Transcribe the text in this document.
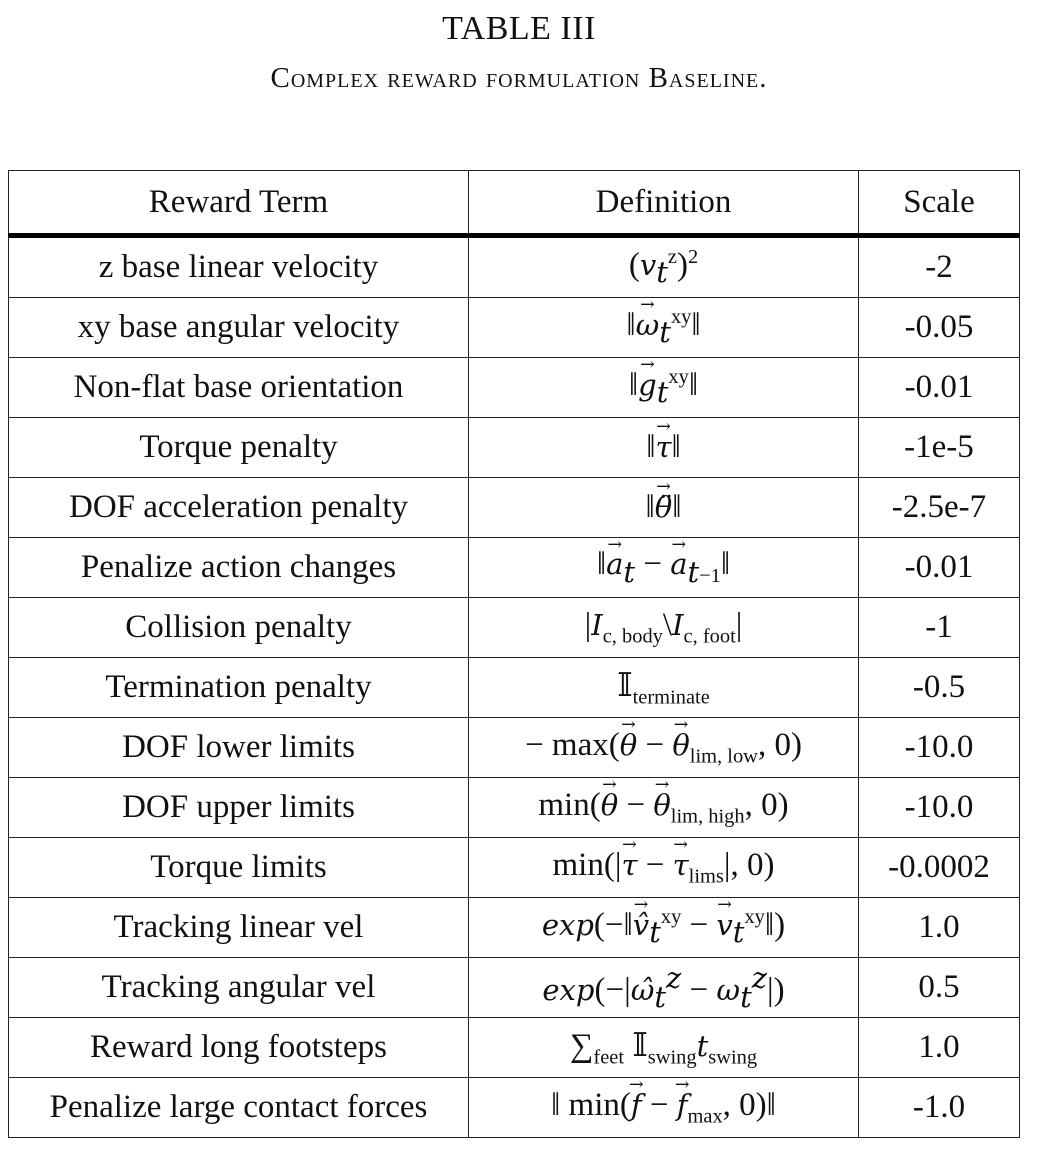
TABLE III
Complex reward formulation Baseline.
Reward Term	Definition	Scale
z base linear velocity	$(v_t^z)^2$	-2
xy base angular velocity	‖ω $\to_t^{xy}‖$	-0.05
Non-flat base orientation	‖g $\to_t^{xy}‖$	-0.01
Torque penalty	‖τ →‖	-1e-5
DOF acceleration penalty	‖θ̈ →‖	-2.5e-7
Penalize action changes	‖a $\to_t - a$ $\to_{t-1}‖$	-0.01
Collision penalty	$|I_{c, body}\backslash I_{c, foot}|$	-1
Termination penalty	𝕀$_{terminate}$	-0.5
DOF lower limits	− max(θ → − $\theta \to_{lim, low}$, 0)	-10.0
DOF upper limits	min(θ → − $\theta \to_{lim, high}$, 0)	-10.0
Torque limits	min(|τ → − $\tau \to_{lims}|$, 0)	-0.0002
Tracking linear vel	exp(−‖v̂ $\to_t^{xy} - v$ $\to_t^{xy}‖$)	1.0
Tracking angular vel	$\exp(-|\omegâ_t^z - \omega_t^z|)$	0.5
Reward long footsteps	$\sum_{feet}$ $𝕀_{swing}t_{swing}$	1.0
Penalize large contact forces	‖ min(f → − $f \to_{max}$, 0)‖	-1.0
